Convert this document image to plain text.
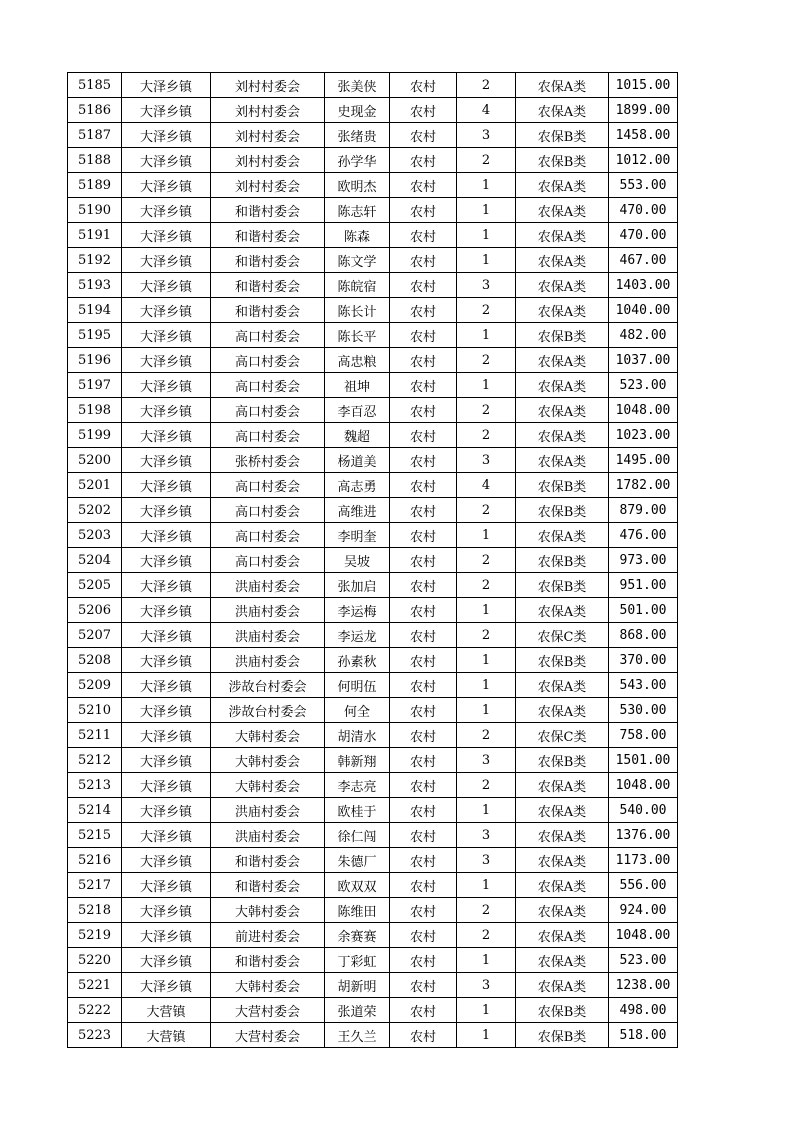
5185	大泽乡镇	刘村村委会	张美侠	农村	2	农保A类	1015.00
5186	大泽乡镇	刘村村委会	史现金	农村	4	农保A类	1899.00
5187	大泽乡镇	刘村村委会	张绪贵	农村	3	农保B类	1458.00
5188	大泽乡镇	刘村村委会	孙学华	农村	2	农保B类	1012.00
5189	大泽乡镇	刘村村委会	欧明杰	农村	1	农保A类	553.00
5190	大泽乡镇	和谐村委会	陈志轩	农村	1	农保A类	470.00
5191	大泽乡镇	和谐村委会	陈森	农村	1	农保A类	470.00
5192	大泽乡镇	和谐村委会	陈文学	农村	1	农保A类	467.00
5193	大泽乡镇	和谐村委会	陈皖宿	农村	3	农保A类	1403.00
5194	大泽乡镇	和谐村委会	陈长计	农村	2	农保A类	1040.00
5195	大泽乡镇	高口村委会	陈长平	农村	1	农保B类	482.00
5196	大泽乡镇	高口村委会	高忠粮	农村	2	农保A类	1037.00
5197	大泽乡镇	高口村委会	祖坤	农村	1	农保A类	523.00
5198	大泽乡镇	高口村委会	李百忍	农村	2	农保A类	1048.00
5199	大泽乡镇	高口村委会	魏超	农村	2	农保A类	1023.00
5200	大泽乡镇	张桥村委会	杨道美	农村	3	农保A类	1495.00
5201	大泽乡镇	高口村委会	高志勇	农村	4	农保B类	1782.00
5202	大泽乡镇	高口村委会	高维进	农村	2	农保B类	879.00
5203	大泽乡镇	高口村委会	李明奎	农村	1	农保A类	476.00
5204	大泽乡镇	高口村委会	吴坡	农村	2	农保B类	973.00
5205	大泽乡镇	洪庙村委会	张加启	农村	2	农保B类	951.00
5206	大泽乡镇	洪庙村委会	李运梅	农村	1	农保A类	501.00
5207	大泽乡镇	洪庙村委会	李运龙	农村	2	农保C类	868.00
5208	大泽乡镇	洪庙村委会	孙素秋	农村	1	农保B类	370.00
5209	大泽乡镇	涉故台村委会	何明伍	农村	1	农保A类	543.00
5210	大泽乡镇	涉故台村委会	何全	农村	1	农保A类	530.00
5211	大泽乡镇	大韩村委会	胡清水	农村	2	农保C类	758.00
5212	大泽乡镇	大韩村委会	韩新翔	农村	3	农保B类	1501.00
5213	大泽乡镇	大韩村委会	李志亮	农村	2	农保A类	1048.00
5214	大泽乡镇	洪庙村委会	欧桂于	农村	1	农保A类	540.00
5215	大泽乡镇	洪庙村委会	徐仁闯	农村	3	农保A类	1376.00
5216	大泽乡镇	和谐村委会	朱德厂	农村	3	农保A类	1173.00
5217	大泽乡镇	和谐村委会	欧双双	农村	1	农保A类	556.00
5218	大泽乡镇	大韩村委会	陈维田	农村	2	农保A类	924.00
5219	大泽乡镇	前进村委会	余赛赛	农村	2	农保A类	1048.00
5220	大泽乡镇	和谐村委会	丁彩虹	农村	1	农保A类	523.00
5221	大泽乡镇	大韩村委会	胡新明	农村	3	农保A类	1238.00
5222	大营镇	大营村委会	张道荣	农村	1	农保B类	498.00
5223	大营镇	大营村委会	王久兰	农村	1	农保B类	518.00
